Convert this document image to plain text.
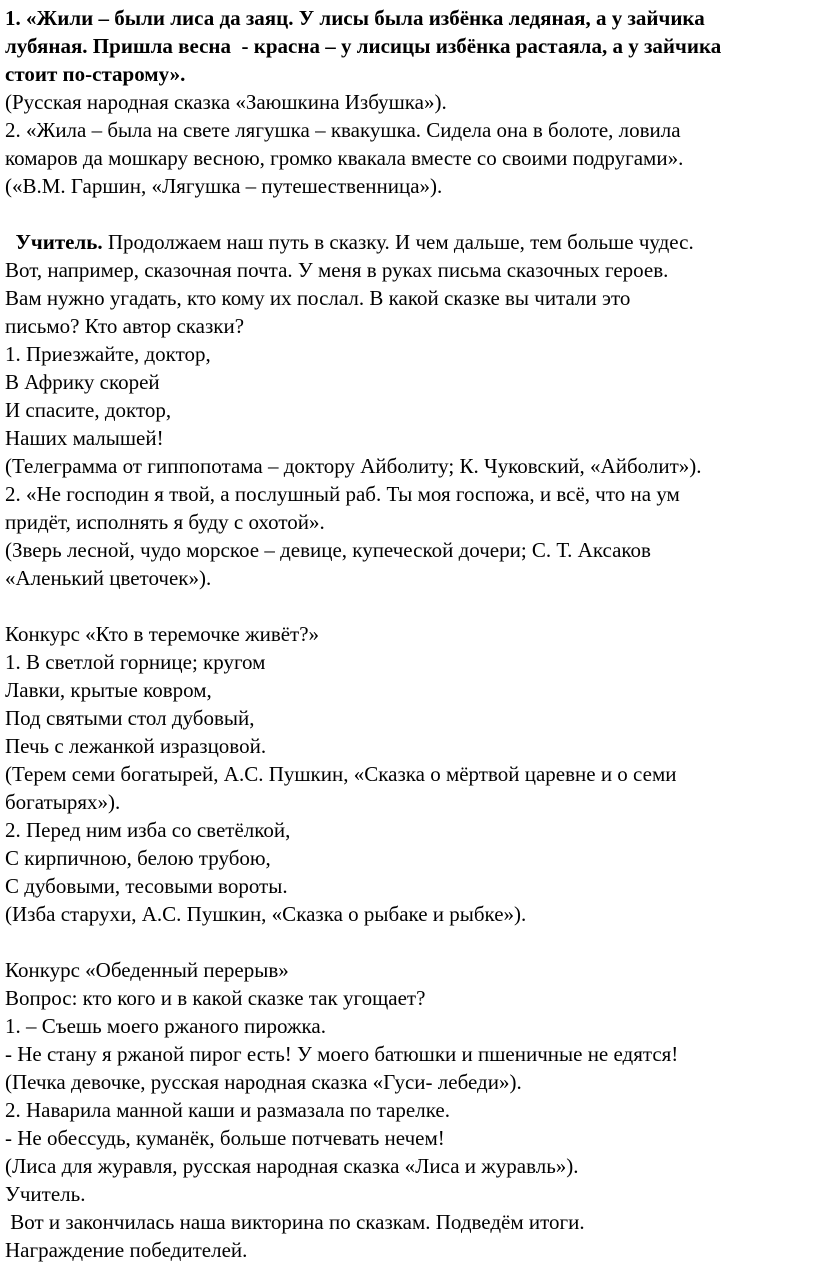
1. «Жили – были лиса да заяц. У лисы была избёнка ледяная, а у зайчика

лубяная. Пришла весна  - красна – у лисицы избёнка растаяла, а у зайчика

стоит по-старому».

(Русская народная сказка «Заюшкина Избушка»).

2. «Жила – была на свете лягушка – квакушка. Сидела она в болоте, ловила

комаров да мошкару весною, громко квакала вместе со своими подругами».

(«В.М. Гаршин, «Лягушка – путешественница»).

Учитель. Продолжаем наш путь в сказку. И чем дальше, тем больше чудес.

Вот, например, сказочная почта. У меня в руках письма сказочных героев.

Вам нужно угадать, кто кому их послал. В какой сказке вы читали это

письмо? Кто автор сказки?

1. Приезжайте, доктор,

В Африку скорей

И спасите, доктор,

Наших малышей!

(Телеграмма от гиппопотама – доктору Айболиту; К. Чуковский, «Айболит»).

2. «Не господин я твой, а послушный раб. Ты моя госпожа, и всё, что на ум

придёт, исполнять я буду с охотой».

(Зверь лесной, чудо морское – девице, купеческой дочери; С. Т. Аксаков

«Аленький цветочек»).

Конкурс «Кто в теремочке живёт?»

1. В светлой горнице; кругом

Лавки, крытые ковром,

Под святыми стол дубовый,

Печь с лежанкой изразцовой.

(Терем семи богатырей, А.С. Пушкин, «Сказка о мёртвой царевне и о семи

богатырях»).

2. Перед ним изба со светёлкой,

С кирпичною, белою трубою,

С дубовыми, тесовыми вороты.

(Изба старухи, А.С. Пушкин, «Сказка о рыбаке и рыбке»).

Конкурс «Обеденный перерыв»

Вопрос: кто кого и в какой сказке так угощает?

1. – Съешь моего ржаного пирожка.

- Не стану я ржаной пирог есть! У моего батюшки и пшеничные не едятся!

(Печка девочке, русская народная сказка «Гуси- лебеди»).

2. Наварила манной каши и размазала по тарелке.

- Не обессудь, куманёк, больше потчевать нечем!

(Лиса для журавля, русская народная сказка «Лиса и журавль»).

Учитель.

Вот и закончилась наша викторина по сказкам. Подведём итоги.

Награждение победителей.
